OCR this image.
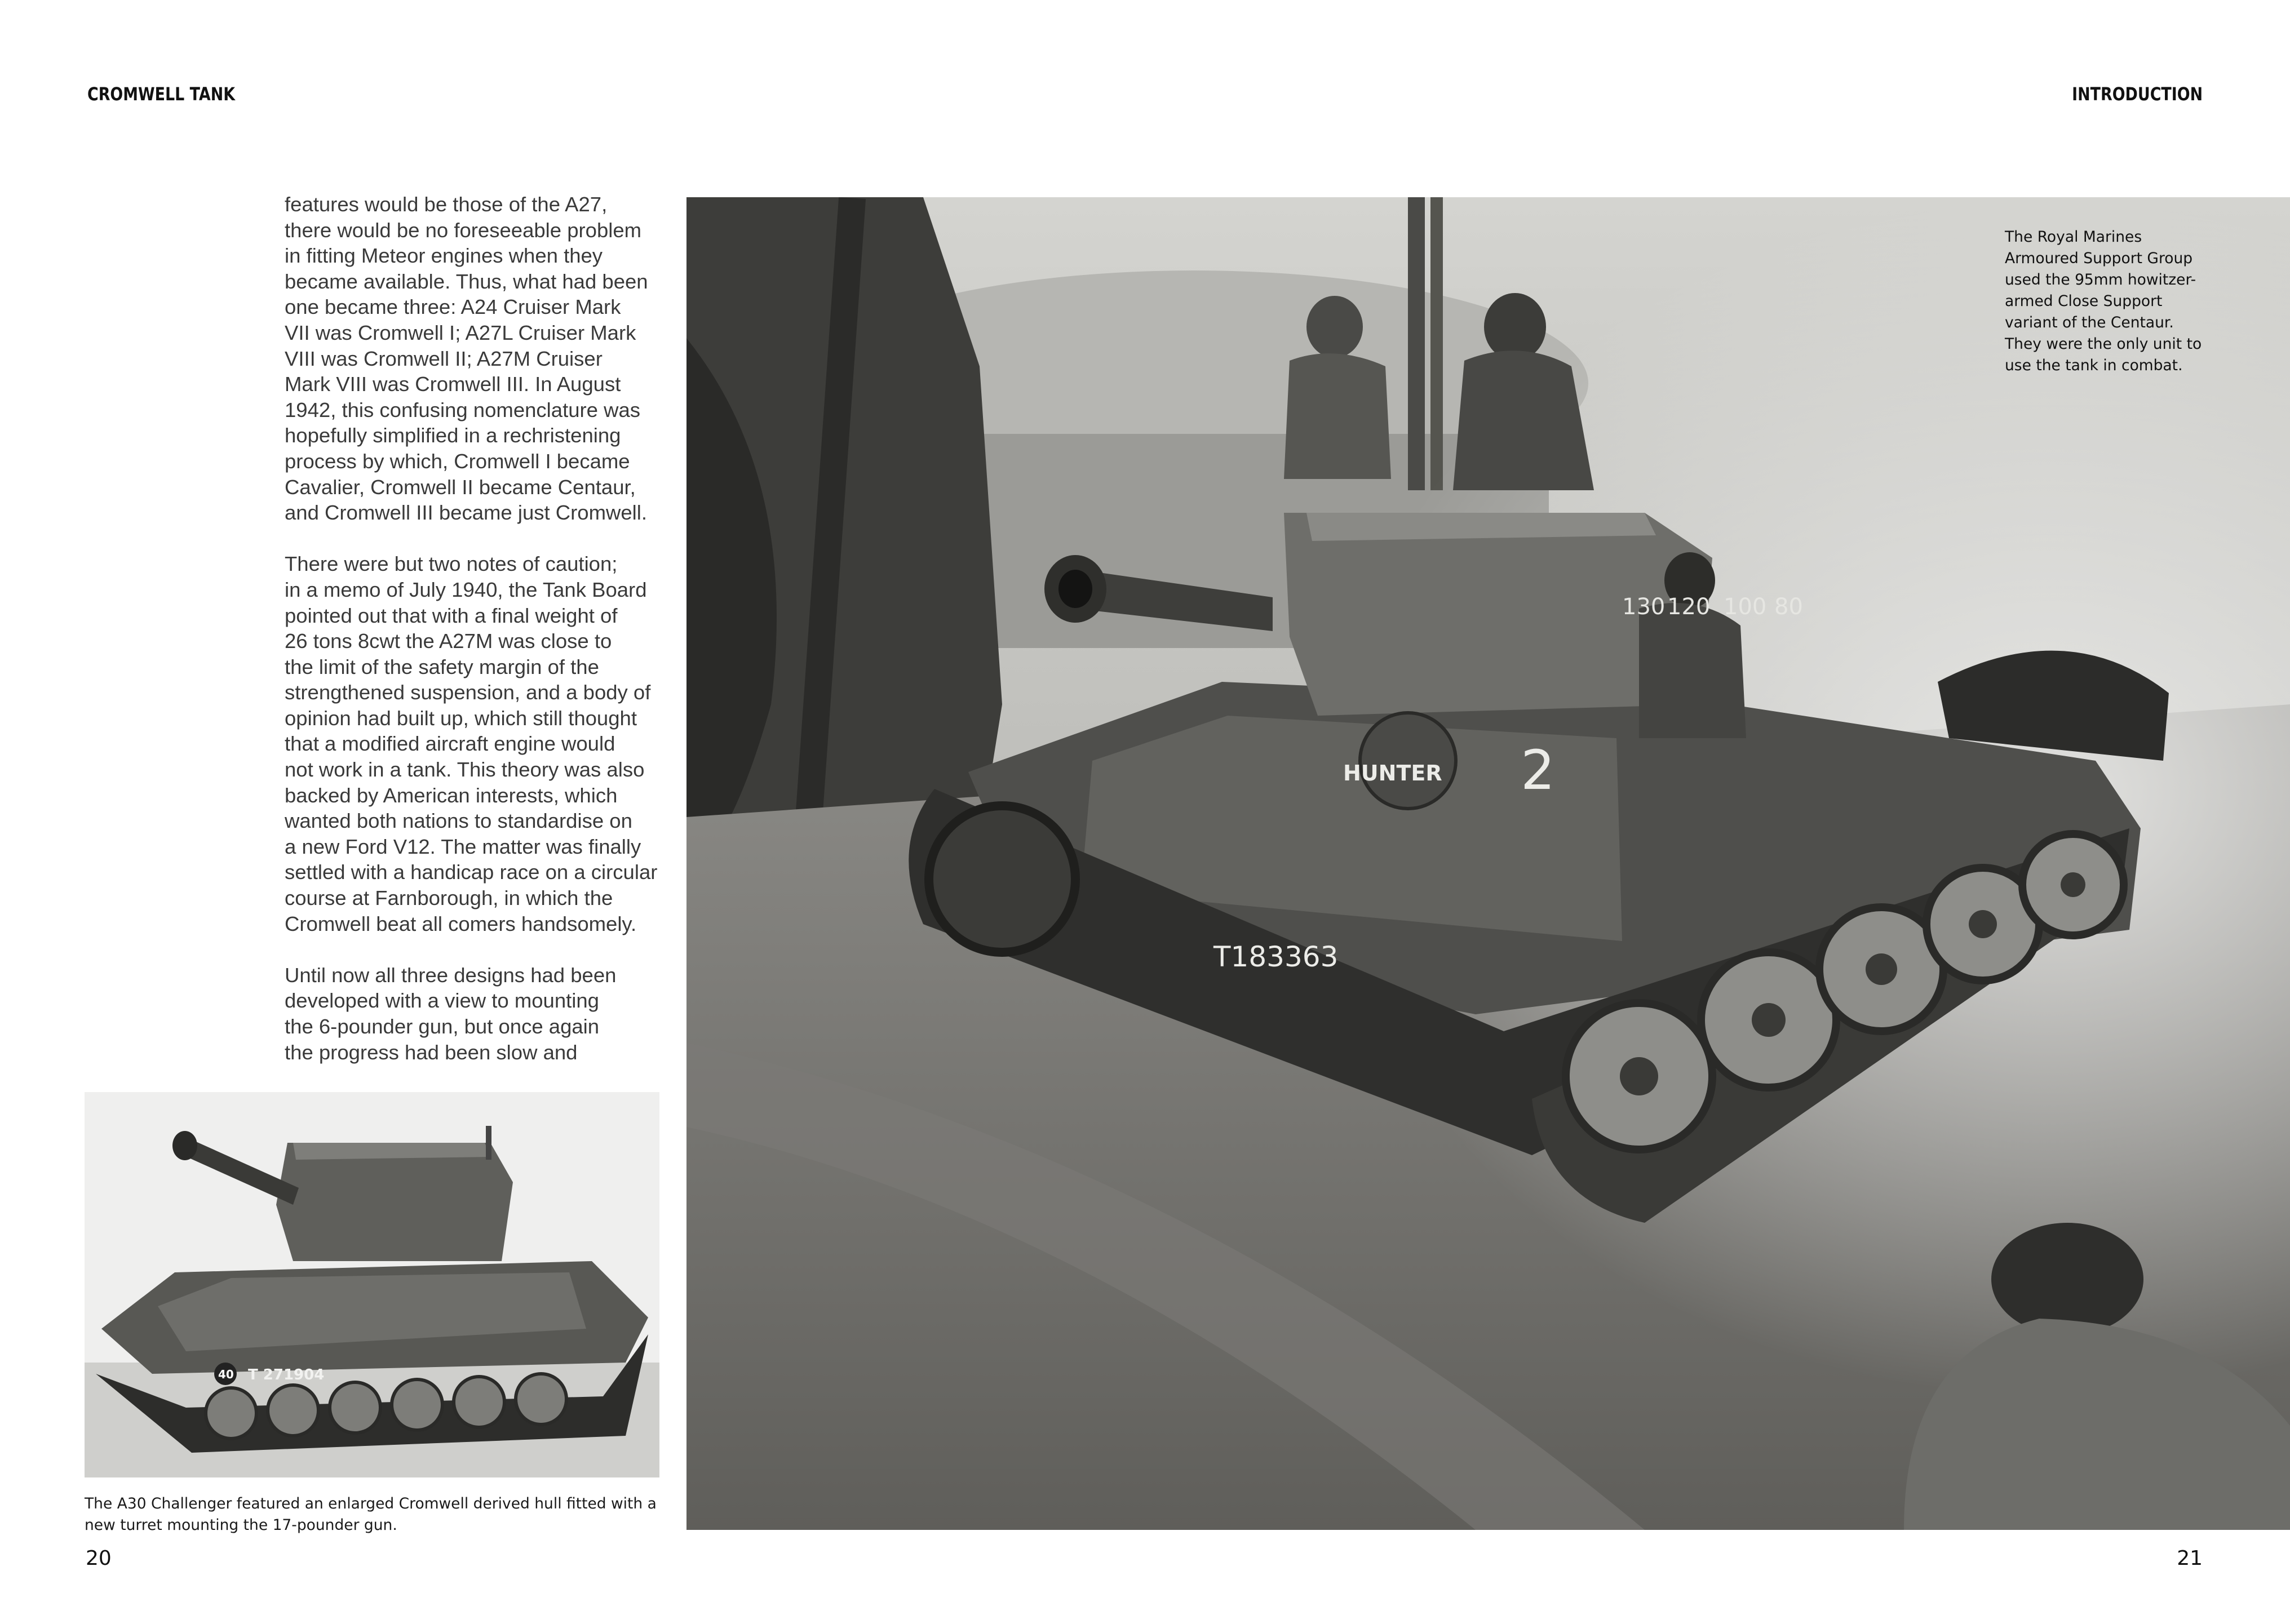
CROMWELL TANK	INTRODUCTION
features would be those of the A27,
there would be no foreseeable problem
in fitting Meteor engines when they
became available. Thus, what had been
one became three: A24 Cruiser Mark
VII was Cromwell I; A27L Cruiser Mark
VIII was Cromwell II; A27M Cruiser
Mark VIII was Cromwell III. In August
1942, this confusing nomenclature was
hopefully simplified in a rechristening
process by which, Cromwell I became
Cavalier, Cromwell II became Centaur,
and Cromwell III became just Cromwell.
There were but two notes of caution;
in a memo of July 1940, the Tank Board
pointed out that with a final weight of
26 tons 8cwt the A27M was close to
the limit of the safety margin of the
strengthened suspension, and a body of
opinion had built up, which still thought
that a modified aircraft engine would
not work in a tank. This theory was also
backed by American interests, which
wanted both nations to standardise on
a new Ford V12. The matter was finally
settled with a handicap race on a circular
course at Farnborough, in which the
Cromwell beat all comers handsomely.
Until now all three designs had been
developed with a view to mounting
the 6-pounder gun, but once again
the progress had been slow and
130 120 100 80
HUNTER 2
T183363
The Royal Marines
Armoured Support Group
used the 95mm howitzer-
armed Close Support
variant of the Centaur.
They were the only unit to
use the tank in combat.
40 T 271904
The A30 Challenger featured an enlarged Cromwell derived hull fitted with a
new turret mounting the 17-pounder gun.
20	21
